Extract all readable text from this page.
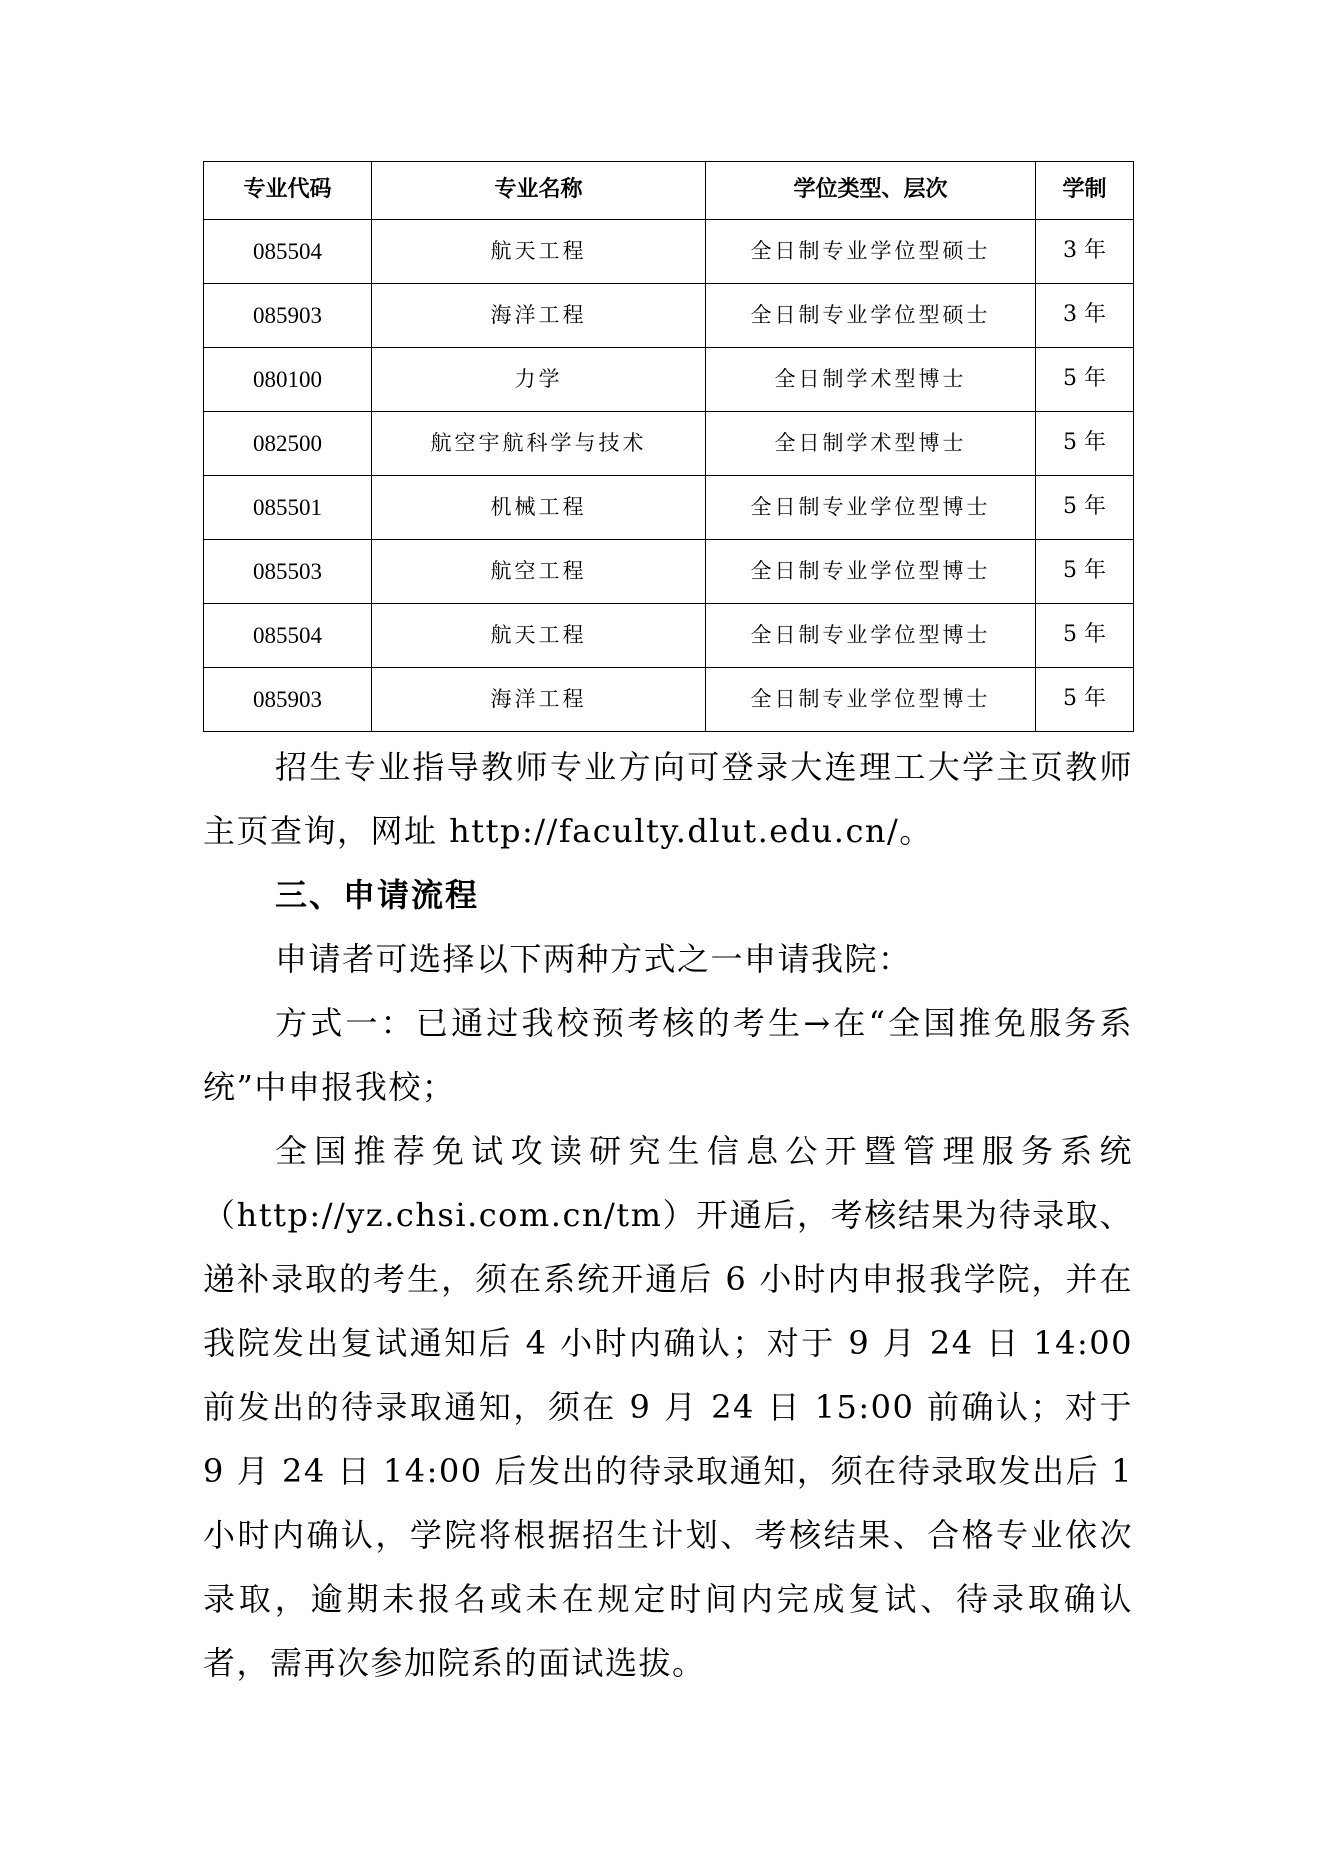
专业代码	专业名称	学位类型、层次	学制
085504	航天工程	全日制专业学位型硕士	3 年
085903	海洋工程	全日制专业学位型硕士	3 年
080100	力学	全日制学术型博士	5 年
082500	航空宇航科学与技术	全日制学术型博士	5 年
085501	机械工程	全日制专业学位型博士	5 年
085503	航空工程	全日制专业学位型博士	5 年
085504	航天工程	全日制专业学位型博士	5 年
085903	海洋工程	全日制专业学位型博士	5 年

招生专业指导教师专业方向可登录大连理工大学主页教师主页查询，网址 http://faculty.dlut.edu.cn/。

三、申请流程

申请者可选择以下两种方式之一申请我院：

方式一：已通过我校预考核的考生→在“全国推免服务系统”中申报我校；

全国推荐免试攻读研究生信息公开暨管理服务系统（http://yz.chsi.com.cn/tm）开通后，考核结果为待录取、递补录取的考生，须在系统开通后 6 小时内申报我学院，并在我院发出复试通知后 4 小时内确认；对于 9 月 24 日 14:00 前发出的待录取通知，须在 9 月 24 日 15:00 前确认；对于 9 月 24 日 14:00 后发出的待录取通知，须在待录取发出后 1 小时内确认，学院将根据招生计划、考核结果、合格专业依次录取，逾期未报名或未在规定时间内完成复试、待录取确认者，需再次参加院系的面试选拔。
